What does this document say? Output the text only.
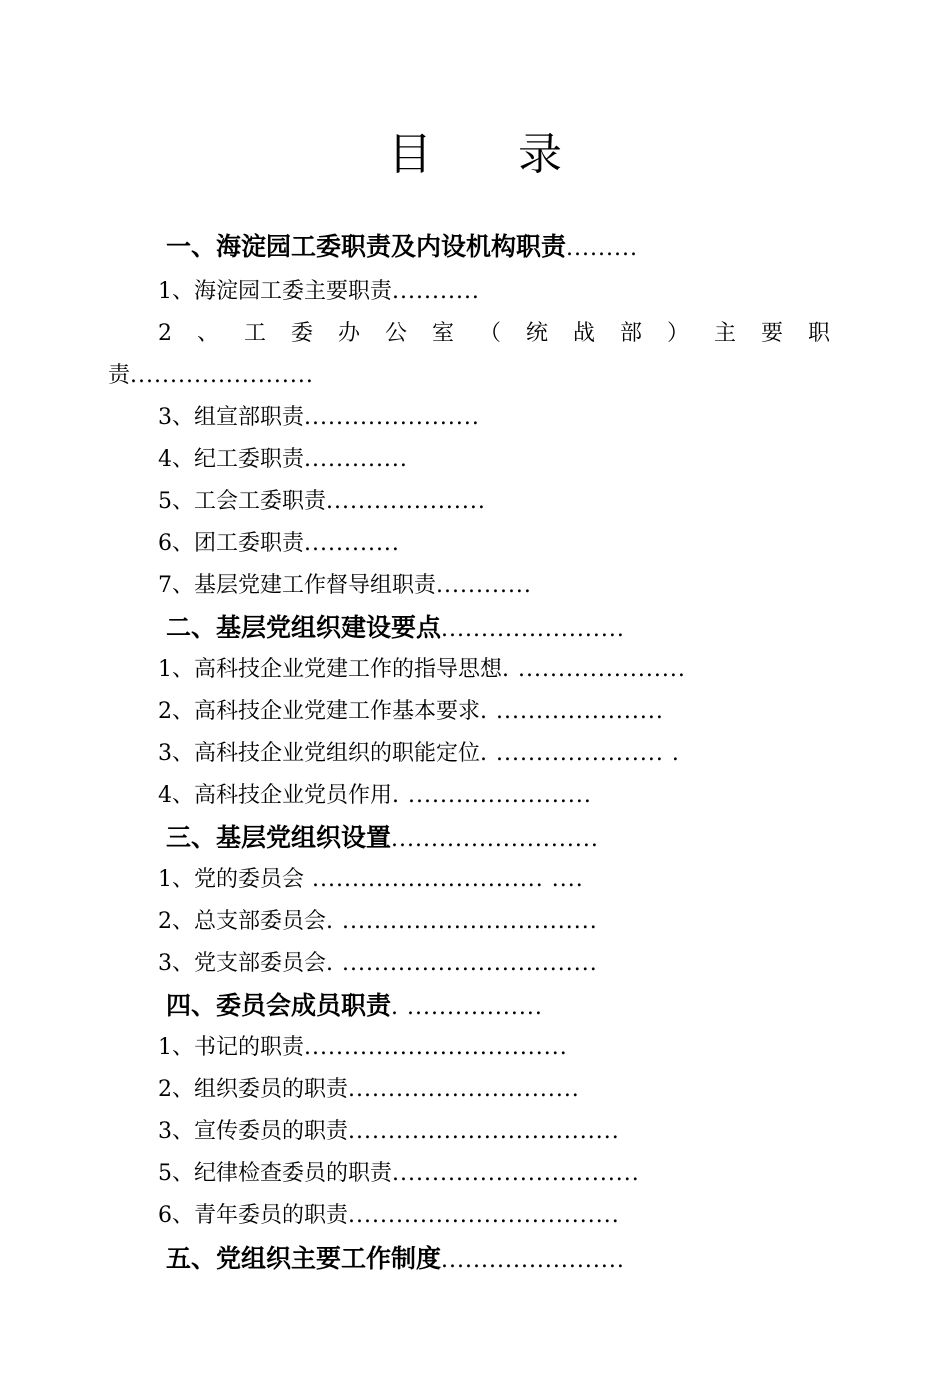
目 录
一、海淀园工委职责及内设机构职责.........
1、海淀园工委主要职责...........
2 、 工 委 办 公 室 （ 统 战 部 ） 主 要 职
责.......................
3、组宣部职责......................
4、纪工委职责.............
5、工会工委职责....................
6、团工委职责............
7、基层党建工作督导组职责............
二、基层党组织建设要点.......................
1、高科技企业党建工作的指导思想. .....................
2、高科技企业党建工作基本要求. .....................
3、高科技企业党组织的职能定位. ..................... .
4、高科技企业党员作用. .......................
三、基层党组织设置..........................
1、党的委员会 ............................. ....
2、总支部委员会. ................................
3、党支部委员会. ................................
四、委员会成员职责. .................
1、书记的职责.................................
2、组织委员的职责.............................
3、宣传委员的职责..................................
5、纪律检查委员的职责...............................
6、青年委员的职责..................................
五、党组织主要工作制度.......................
